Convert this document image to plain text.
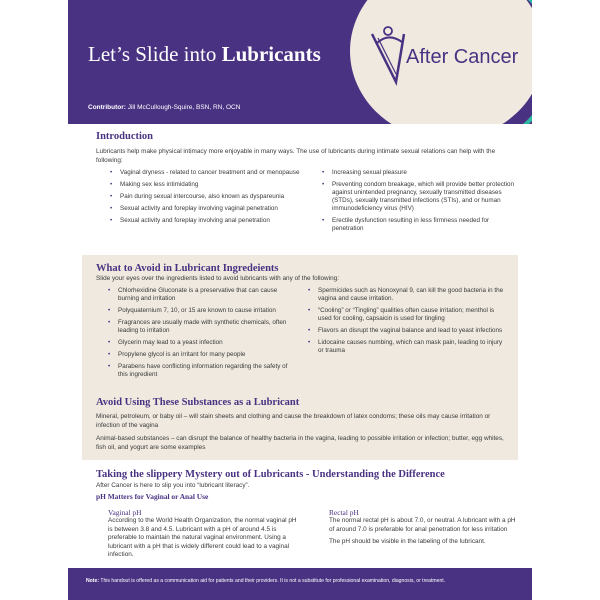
Let’s Slide into Lubricants
Contributor: Jill McCullough-Squire, BSN, RN, OCN
After Cancer
Introduction

Lubricants help make physical intimacy more enjoyable in many ways. The use of lubricants during intimate sexual relations can help with the following:

• Vaginal dryness - related to cancer treatment and or menopause
• Making sex less intimidating
• Pain during sexual intercourse, also known as dyspareunia
• Sexual activity and foreplay involving vaginal penetration
• Sexual activity and foreplay involving anal penetration
• Increasing sexual pleasure
• Preventing condom breakage, which will provide better protection against unintended pregnancy, sexually transmitted diseases (STDs), sexually transmitted infections (STIs), and or human immunodeficiency virus (HIV)
• Erectile dysfunction resulting in less firmness needed for penetration
What to Avoid in Lubricant Ingredeients

Slide your eyes over the ingredients listed to avoid lubricants with any of the following:

• Chlorhexidine Gluconate is a preservative that can cause burning and irritation
• Polyquaternium 7, 10, or 15 are known to cause irritation
• Fragrances are usually made with synthetic chemicals, often leading to irritation
• Glycerin may lead to a yeast infection
• Propylene glycol is an irritant for many people
• Parabens have conflicting information regarding the safety of this ingredient
• Spermicides such as Nonoxynal 9, can kill the good bacteria in the vagina and cause irritation.
• “Cooling” or “Tingling” qualities often cause irritation; menthol is used for cooling, capsaicin is used for tingling
• Flavors an disrupt the vaginal balance and lead to yeast infections
• Lidocaine causes numbing, which can mask pain, leading to injury or trauma
Avoid Using These Substances as a Lubricant

Mineral, petroleum, or baby oil – will stain sheets and clothing and cause the breakdown of latex condoms; these oils may cause irritation or infection of the vagina

Animal-based substances – can disrupt the balance of healthy bacteria in the vagina, leading to possible irritation or infection; butter, egg whites, fish oil, and yogurt are some examples

Taking the slippery Mystery out of Lubricants - Understanding the Difference

After Cancer is here to slip you into “lubricant literacy”.

pH Matters for Vaginal or Anal Use
Vaginal pH

According to the World Health Organization, the normal vaginal pH is between 3.8 and 4.5. Lubricant with a pH of around 4.5 is preferable to maintain the natural vaginal environment. Using a lubricant with a pH that is widely different could lead to a vaginal infection.

Rectal pH

The normal rectal pH is about 7.0, or neutral. A lubricant with a pH of around 7.0 is preferable for anal penetration for less irritation

The pH should be visible in the labeling of the lubricant.

Note: This handout is offered as a communication aid for patients and their providers. It is not a substitute for professional examination, diagnosis, or treatment.
